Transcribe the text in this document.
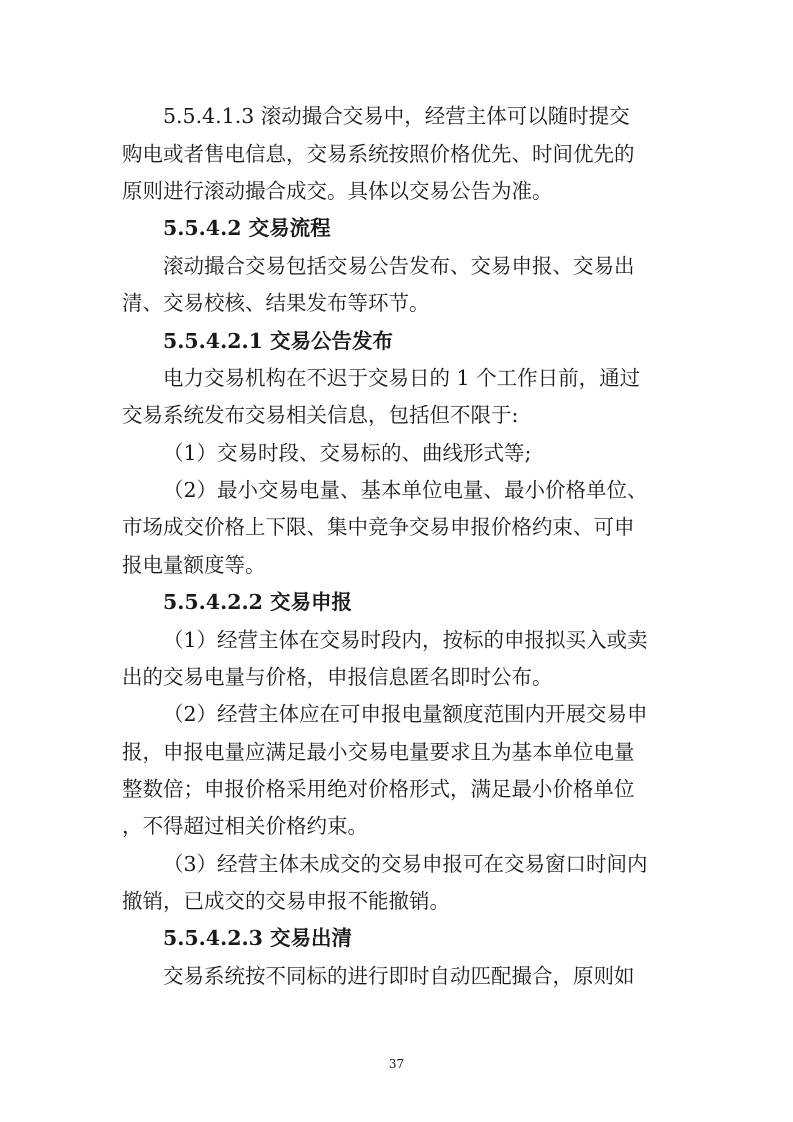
5.5.4.1.3 滚动撮合交易中，经营主体可以随时提交

购电或者售电信息，交易系统按照价格优先、时间优先的

原则进行滚动撮合成交。具体以交易公告为准。

5.5.4.2 交易流程

滚动撮合交易包括交易公告发布、交易申报、交易出

清、交易校核、结果发布等环节。

5.5.4.2.1 交易公告发布

电力交易机构在不迟于交易日的 1 个工作日前，通过

交易系统发布交易相关信息，包括但不限于:

（1）交易时段、交易标的、曲线形式等;

（2）最小交易电量、基本单位电量、最小价格单位、

市场成交价格上下限、集中竞争交易申报价格约束、可申

报电量额度等。

5.5.4.2.2 交易申报

（1）经营主体在交易时段内，按标的申报拟买入或卖

出的交易电量与价格，申报信息匿名即时公布。

（2）经营主体应在可申报电量额度范围内开展交易申

报，申报电量应满足最小交易电量要求且为基本单位电量

整数倍；申报价格采用绝对价格形式，满足最小价格单位

，不得超过相关价格约束。

（3）经营主体未成交的交易申报可在交易窗口时间内

撤销，已成交的交易申报不能撤销。

5.5.4.2.3 交易出清

交易系统按不同标的进行即时自动匹配撮合，原则如

37
